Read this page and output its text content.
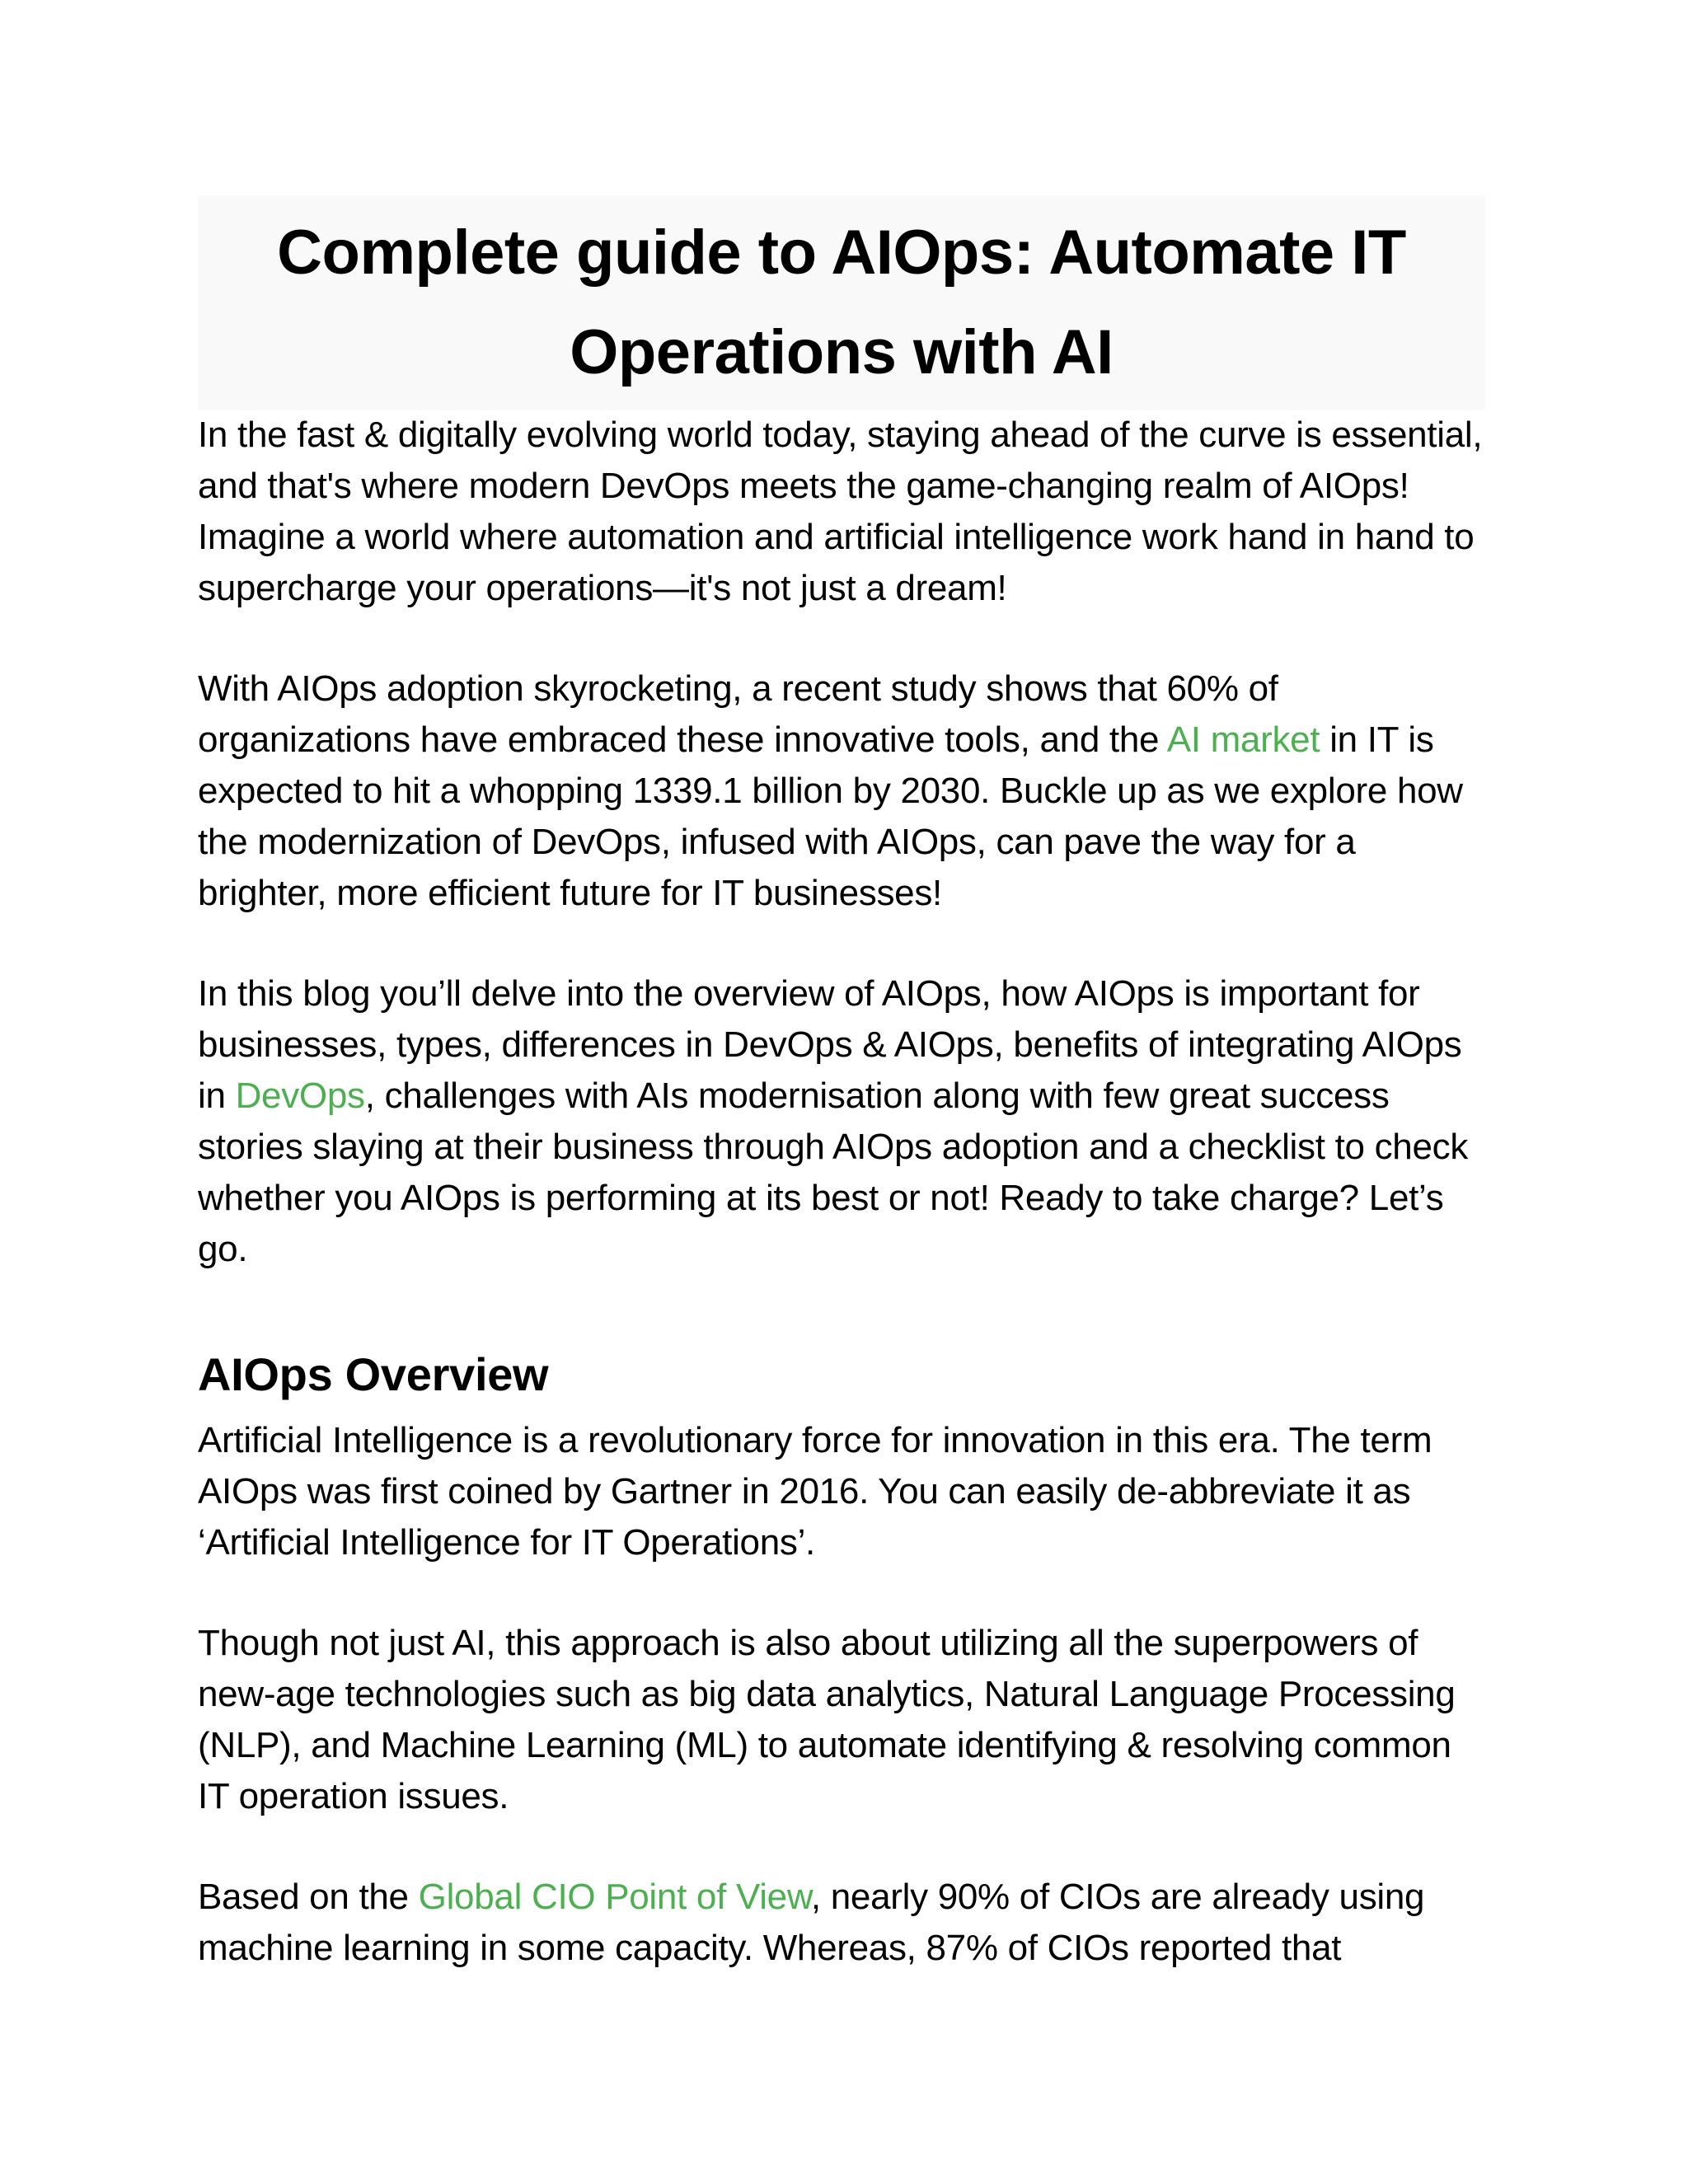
Complete guide to AIOps: Automate IT Operations with AI

In the fast & digitally evolving world today, staying ahead of the curve is essential, and that's where modern DevOps meets the game-changing realm of AIOps! Imagine a world where automation and artificial intelligence work hand in hand to supercharge your operations—it's not just a dream!

With AIOps adoption skyrocketing, a recent study shows that 60% of organizations have embraced these innovative tools, and the AI market in IT is expected to hit a whopping 1339.1 billion by 2030. Buckle up as we explore how the modernization of DevOps, infused with AIOps, can pave the way for a brighter, more efficient future for IT businesses!

In this blog you’ll delve into the overview of AIOps, how AIOps is important for businesses, types, differences in DevOps & AIOps, benefits of integrating AIOps in DevOps, challenges with AIs modernisation along with few great success stories slaying at their business through AIOps adoption and a checklist to check whether you AIOps is performing at its best or not! Ready to take charge? Let’s go.

AIOps Overview

Artificial Intelligence is a revolutionary force for innovation in this era. The term AIOps was first coined by Gartner in 2016. You can easily de-abbreviate it as ‘Artificial Intelligence for IT Operations’.

Though not just AI, this approach is also about utilizing all the superpowers of new-age technologies such as big data analytics, Natural Language Processing (NLP), and Machine Learning (ML) to automate identifying & resolving common IT operation issues.

Based on the Global CIO Point of View, nearly 90% of CIOs are already using machine learning in some capacity. Whereas, 87% of CIOs reported that
